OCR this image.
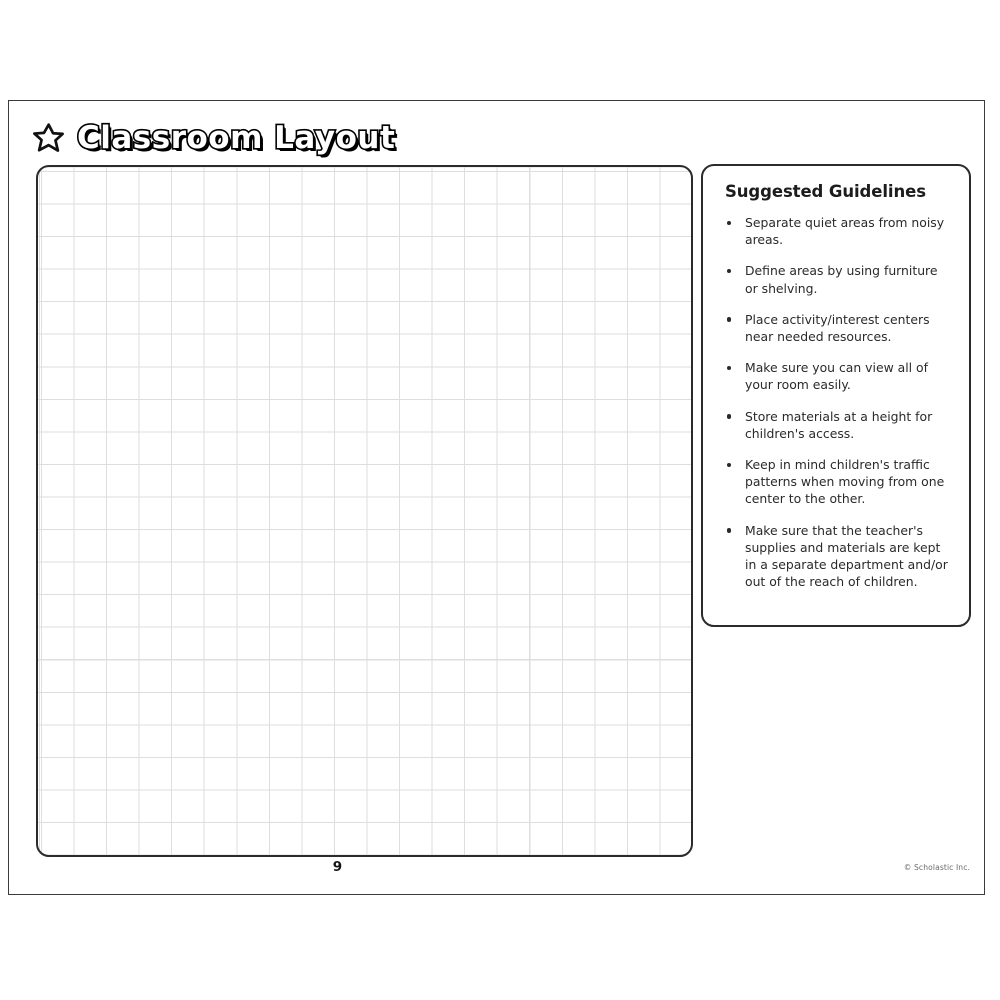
Classroom Layout
Suggested Guidelines
Separate quiet areas from noisy areas.
Define areas by using furniture or shelving.
Place activity/interest centers near needed resources.
Make sure you can view all of your room easily.
Store materials at a height for children's access.
Keep in mind children's traffic patterns when moving from one center to the other.
Make sure that the teacher's supplies and materials are kept in a separate department and/or out of the reach of children.
9	© Scholastic Inc.
